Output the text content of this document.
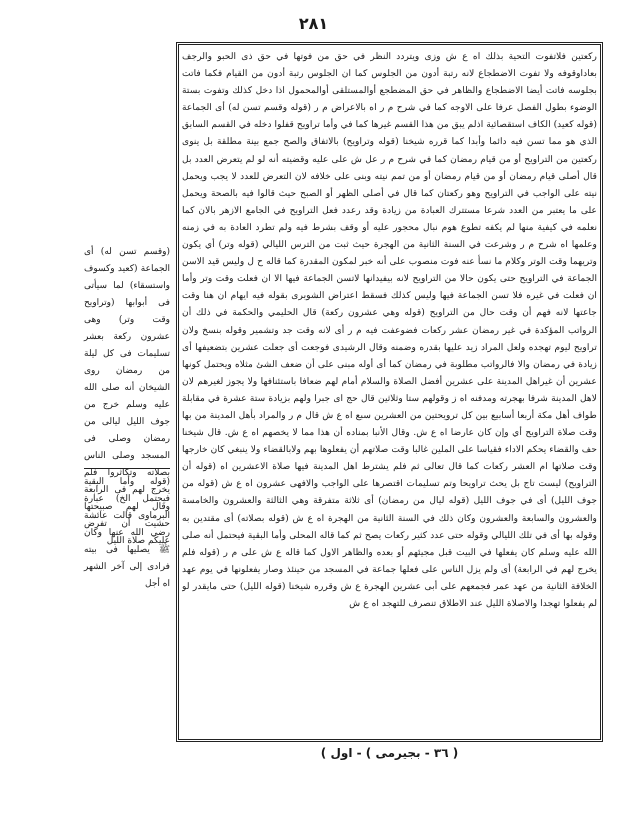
٢٨١

ركعتين فلاتفوت التحية بذلك اه ع ش وزى ويتردد النظر في حق من فوتها في حق ذى الحبو والرجف بعاداوقوفه ولا تفوت الاضطجاع لانه رتبة أدون من الجلوس كما ان الجلوس رتبة أدون من القيام فكما فاتت بجلوسه فاتت أيضا الاضطجاع والظاهر في حق المضطجع أوالمستلقى أوالمحمول اذا دخل كذلك وتفوت بستة الوضوء بطول الفصل عرفا على الاوجه كما في شرح م ر اه بالاعراض م ر (قوله وقسم تسن له) أى الجماعة (قوله كعيد) الكاف استقصائية اذلم يبق من هذا القسم غيرها كما في وأما تراويح قفلوا دخله في القسم السابق الذي هو مما تسن فيه دائما وأبدا كما قرره شيخنا (قوله وتراويح) بالاتفاق والصح جمع بينة مطلقة بل ينوى ركعتين من التراويح أو من قيام رمضان كما في شرح م ر عل ش على عليه وقضيته أنه لو لم يتعرض العدد بل قال أصلى قيام رمضان أو من قيام رمضان أو من تمم نيته وبنى على خلافه لان التعرض للعدد لا يجب ويحمل نيته على الواجب في التراويح وهو ركعتان كما قال في أصلى الظهر أو الصبح حيث قالوا فيه بالصحة ويحمل على ما يعتبر من العدد شرعا مستترك العبادة من زيادة وقد رعدد فعل التراويح في الجامع الازهر بالان كما نعلمه في كيفية منها لم يكفه تطوع هوم نبال محجور عليه أو وقف بشرط فيه ولم تطرد العادة به في زمنه وعلمها اه شرح م ر وشرعت في السنة الثانية من الهجرة حيث ثبت من الترس الليالي (قوله وتر) أي يكون وتريهما وقت الوتر وكلام ما نسأ عنه فوت منصوب على أنه خبر لمكون المقدرة كما قاله ح ل وليس قيد الاسن الجماعة في التراويح حتى يكون حالا من التراويح لانه بيفيدانها لاتسن الجماعة فيها الا ان فعلت وقت وتر وأما ان فعلت في غيره فلا تسن الجماعة فيها وليس كذلك فسقط اعتراض الشوبرى بقوله فيه ايهام ان هنا وقت جاعتها لانه فهم أن وقت حال من التراويح (قوله وهي عشرون ركعة) قال الحليمي والحكمة في ذلك أن الرواتب المؤكدة في غير رمضان عشر ركعات فضوعفت فيه م ر أى لانه وقت جد وتشمير وقوله بنسخ ولان تراويح ليوم تهجده ولعل المراد زيد عليها بقدره وضمنه وقال الرشيدى فوجعت أى جعلت عشرين بتضعيفها أى زيادة في رمضان والا فالرواتب مطلوبة في رمضان كما أى أوله مبنى على أن ضعف الشئ مثلاه ويحتمل كونها عشرين أن غيراهل المدينة على عشرين أفضل الصلاة والسلام أمام لهم ضعافا باستئنافها ولا يجوز لغيرهم لان لاهل المدينة شرفا بهجرته ومدفنه اه ز وقولهم ستا وثلاثين قال حج اى جبرا ولهم بزيادة ستة عشرة في مقابلة طواف أهل مكة أربعا أسابيع بين كل ترويحتين من العشرين سبع اه ع ش قال م ر والمراد بأهل المدينة من بها وقت صلاة التراويح أي وإن كان عارضا اه ع ش. وقال الأنبا بمناده أن هذا مما لا يخصهم اه ع ش. قال شيخنا حف والقضاء يحكم الاداء فقياسا على الملين غالبا وقت صلاتهم أن يفعلوها بهم ولابالقضاء ولا ينبغي كان خارجها وقت صلاتها ام العشر ركعات كما قال تعالى ثم فلم يشترط اهل المدينة فيها صلاة الاعشرين اه (قوله أن التراويح) ليست تاج بل يحث تراويحا وتم تسليمات اقتصرها على الواجب والافهى عشرون اه ع ش (قوله من جوف الليل) أى في جوف الليل (قوله ليال من رمضان) أى ثلاثة متفرقة وهي الثالثة والعشرون والخامسة والعشرون والسابعة والعشرون وكان ذلك في السنة الثانية من الهجرة اه ع ش (قوله بصلاته) أى مقتدين به وقوله بها أى في تلك الليالي وقوله حتى عدد كثير ركعات يصح ثم كما قاله المحلى وأما البقية فيحتمل أنه صلى الله عليه وسلم كان يفعلها في البيت قبل مجيئهم أو بعده والظاهر الاول كما قاله ع ش على م ر (قوله فلم يخرج لهم في الرابعة) أى ولم يزل الناس على فعلها جماعة في المسجد من حينئذ وصار يفعلونها في يوم عهد الخلافة الثانية من عهد عمر فجمعهم على أبى عشرين الهجرة ع ش وقرره شيخنا (قوله الليل) حتى مايقدر لو لم يفعلوا تهجدا والاصلاة الليل عند الاطلاق تنصرف للتهجد اه ع ش

(وقسم تسن له) أى الجماعة (كعيد وكسوف واستسقاء) لما سيأتى فى أبوابها (وتراويح وقت وتر) وهى عشرون ركعة بعشر تسليمات فى كل ليلة من رمضان روى الشيخان أنه صلى الله عليه وسلم خرج من جوف الليل ليالى من رمضان وصلى فى المسجد وصلى الناس بصلاته وتكاثروا فلم يخرج لهم فى الرابعة وقال لهم صبيحتها حشيت أن تفرض عليكم صلاة الليل

(قوله وأما البقية فيحتمل الخ) عبارة البرماوى قالت عائشة رضي الله عنها وكان ﷺ يصليها فى بيته فرادى إلى آخر الشهر اه أجل

( ٣٦ - بجيرمى ) - اول )
